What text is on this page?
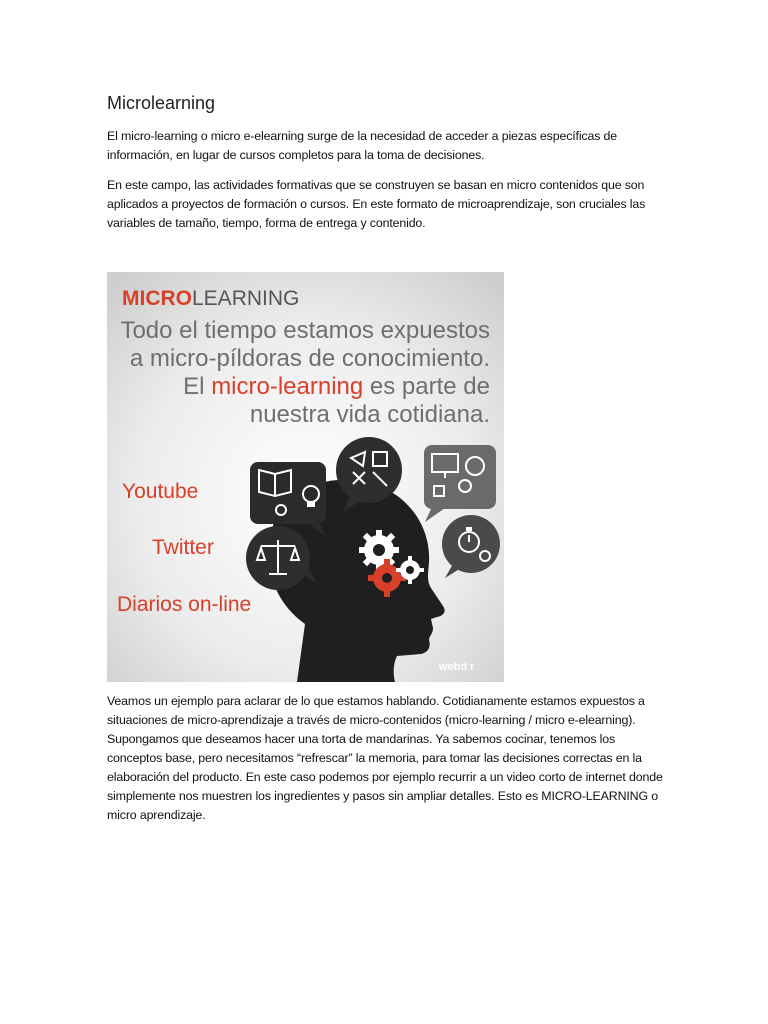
Microlearning

El micro-learning o micro e-elearning surge de la necesidad de acceder a piezas específicas de información, en lugar de cursos completos para la toma de decisiones.

En este campo, las actividades formativas que se construyen se basan en micro contenidos que son aplicados a proyectos de formación o cursos. En este formato de microaprendizaje, son cruciales las variables de tamaño, tiempo, forma de entrega y contenido.

MICROLEARNING
Todo el tiempo estamos expuestos
a micro-píldoras de conocimiento.
El micro-learning es parte de
nuestra vida cotidiana.
Youtube
Twitter
Diarios on-line
webd r

Veamos un ejemplo para aclarar de lo que estamos hablando. Cotidianamente estamos expuestos a situaciones de micro-aprendizaje a través de micro-contenidos (micro-learning / micro e-elearning). Supongamos que deseamos hacer una torta de mandarinas. Ya sabemos cocinar, tenemos los conceptos base, pero necesitamos “refrescar” la memoria, para tomar las decisiones correctas en la elaboración del producto. En este caso podemos por ejemplo recurrir a un video corto de internet donde simplemente nos muestren los ingredientes y pasos sin ampliar detalles. Esto es MICRO-LEARNING o micro aprendizaje.
